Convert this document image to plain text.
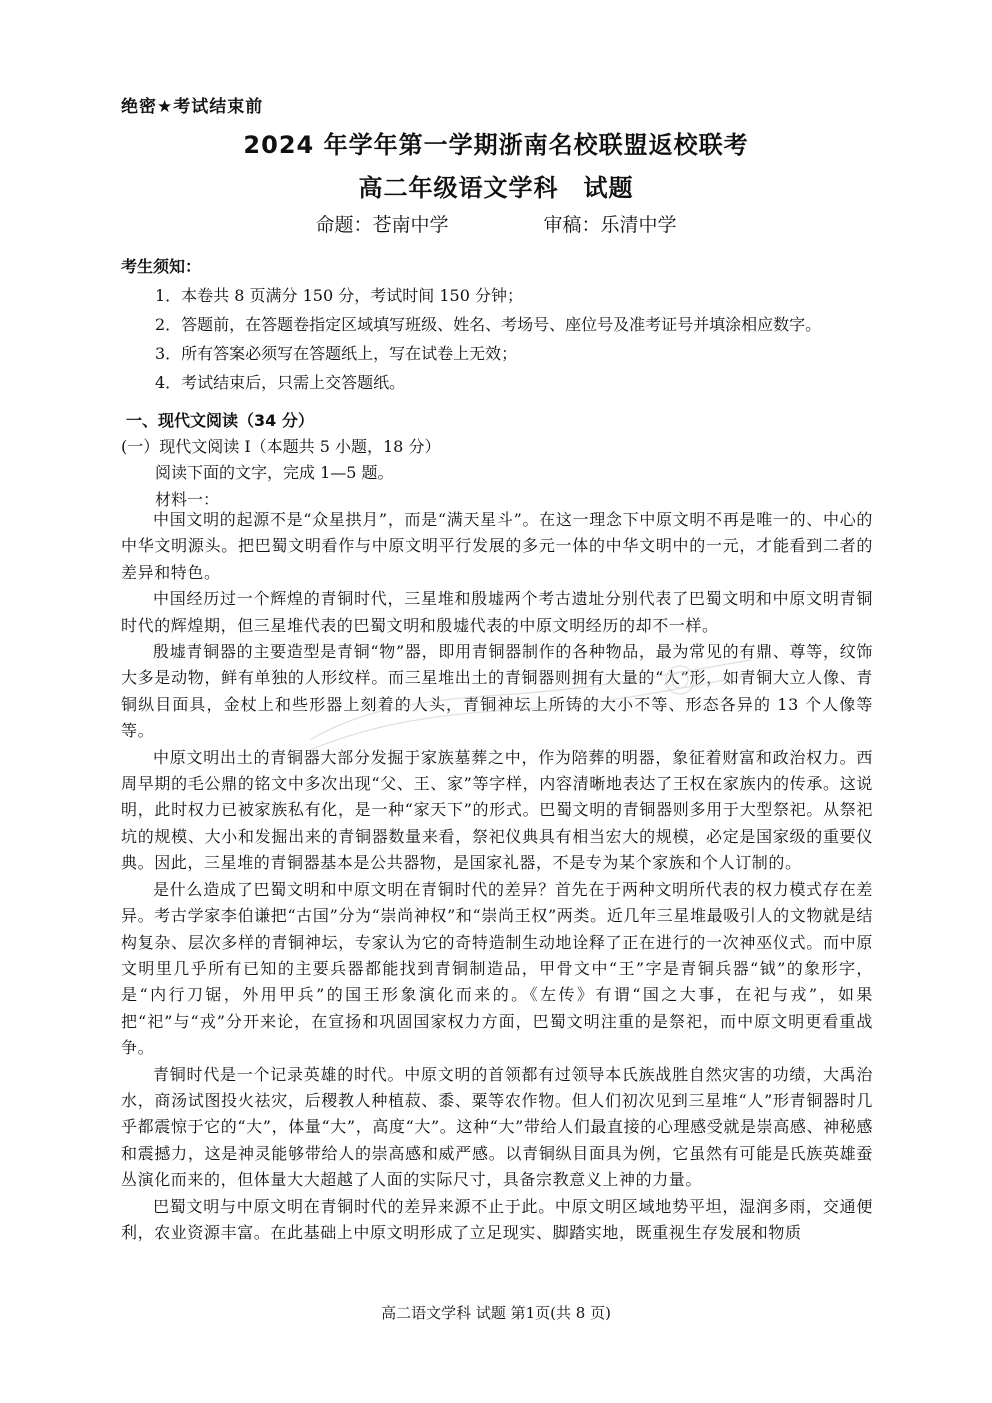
绝密★考试结束前
2024 年学年第一学期浙南名校联盟返校联考
高二年级语文学科　试题
命题：苍南中学　　　　　审稿：乐清中学
考生须知：
1．本卷共 8 页满分 150 分，考试时间 150 分钟；
2．答题前，在答题卷指定区域填写班级、姓名、考场号、座位号及准考证号并填涂相应数字。
3．所有答案必须写在答题纸上，写在试卷上无效；
4．考试结束后，只需上交答题纸。
一、现代文阅读（34 分）
(一）现代文阅读 I（本题共 5 小题，18 分）
阅读下面的文字，完成 1—5 题。
材料一：

中国文明的起源不是“众星拱月”，而是“满天星斗”。在这一理念下中原文明不再是唯一的、中心的中华文明源头。把巴蜀文明看作与中原文明平行发展的多元一体的中华文明中的一元，才能看到二者的差异和特色。

中国经历过一个辉煌的青铜时代，三星堆和殷墟两个考古遗址分别代表了巴蜀文明和中原文明青铜时代的辉煌期，但三星堆代表的巴蜀文明和殷墟代表的中原文明经历的却不一样。

殷墟青铜器的主要造型是青铜“物”器，即用青铜器制作的各种物品，最为常见的有鼎、尊等，纹饰大多是动物，鲜有单独的人形纹样。而三星堆出土的青铜器则拥有大量的“人”形，如青铜大立人像、青铜纵目面具，金杖上和些形器上刻着的人头，青铜神坛上所铸的大小不等、形态各异的 13 个人像等等。

中原文明出土的青铜器大部分发掘于家族墓葬之中，作为陪葬的明器，象征着财富和政治权力。西周早期的毛公鼎的铭文中多次出现“父、王、家”等字样，内容清晰地表达了王权在家族内的传承。这说明，此时权力已被家族私有化，是一种“家天下”的形式。巴蜀文明的青铜器则多用于大型祭祀。从祭祀坑的规模、大小和发掘出来的青铜器数量来看，祭祀仪典具有相当宏大的规模，必定是国家级的重要仪典。因此，三星堆的青铜器基本是公共器物，是国家礼器，不是专为某个家族和个人订制的。

是什么造成了巴蜀文明和中原文明在青铜时代的差异？首先在于两种文明所代表的权力模式存在差异。考古学家李伯谦把“古国”分为“崇尚神权”和“崇尚王权”两类。近几年三星堆最吸引人的文物就是结构复杂、层次多样的青铜神坛，专家认为它的奇特造制生动地诠释了正在进行的一次神巫仪式。而中原文明里几乎所有已知的主要兵器都能找到青铜制造品，甲骨文中“王”字是青铜兵器“钺”的象形字，是“内行刀锯，外用甲兵”的国王形象演化而来的。《左传》有谓“国之大事，在祀与戎”，如果把“祀”与“戎”分开来论，在宣扬和巩固国家权力方面，巴蜀文明注重的是祭祀，而中原文明更看重战争。

青铜时代是一个记录英雄的时代。中原文明的首领都有过领导本氏族战胜自然灾害的功绩，大禹治水，商汤试图投火祛灾，后稷教人种植菽、黍、粟等农作物。但人们初次见到三星堆“人”形青铜器时几乎都震惊于它的“大”，体量“大”，高度“大”。这种“大”带给人们最直接的心理感受就是崇高感、神秘感和震撼力，这是神灵能够带给人的崇高感和威严感。以青铜纵目面具为例，它虽然有可能是氏族英雄蚕丛演化而来的，但体量大大超越了人面的实际尺寸，具备宗教意义上神的力量。

巴蜀文明与中原文明在青铜时代的差异来源不止于此。中原文明区域地势平坦，湿润多雨，交通便利，农业资源丰富。在此基础上中原文明形成了立足现实、脚踏实地，既重视生存发展和物质

高二语文学科 试题 第1页(共 8 页)
